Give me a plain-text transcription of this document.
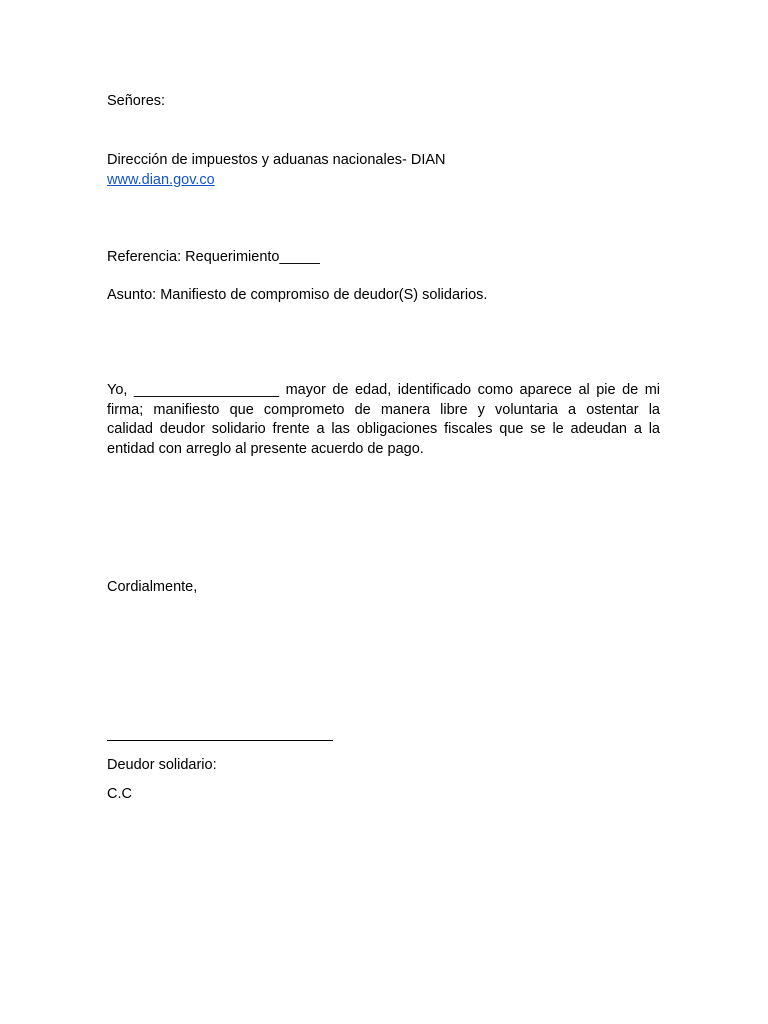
Señores:
Dirección de impuestos y aduanas nacionales- DIAN
www.dian.gov.co
Referencia: Requerimiento_____
Asunto: Manifiesto de compromiso de deudor(S) solidarios.
Yo, __________________ mayor de edad, identificado como aparece al pie de mi
firma; manifiesto que comprometo de manera libre y voluntaria a ostentar la
calidad deudor solidario frente a las obligaciones fiscales que se le adeudan a la
entidad con arreglo al presente acuerdo de pago.
Cordialmente,
Deudor solidario:
C.C
